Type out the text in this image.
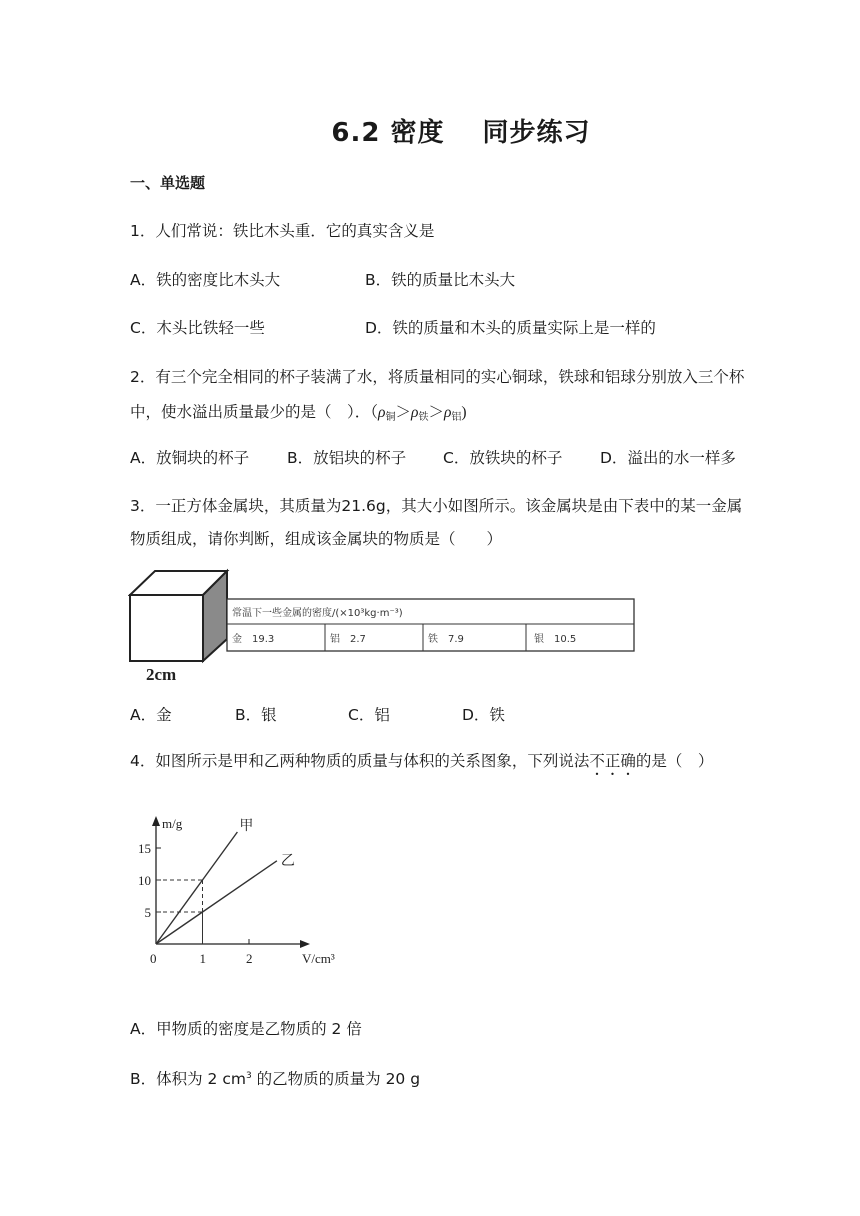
6.2 密度 同步练习
一、单选题
1．人们常说：铁比木头重．它的真实含义是
A．铁的密度比木头大	B．铁的质量比木头大
C．木头比铁轻一些	D．铁的质量和木头的质量实际上是一样的
2．有三个完全相同的杯子装满了水，将质量相同的实心铜球，铁球和铝球分别放入三个杯
中，使水溢出质量最少的是（　）．$(\rho_铜>\rho_铁>\rho_铝)$
A．放铜块的杯子 B．放铝块的杯子 C．放铁块的杯子 D．溢出的水一样多
3．一正方体金属块，其质量为21.6g，其大小如图所示。该金属块是由下表中的某一金属
物质组成，请你判断，组成该金属块的物质是（　　）
2cm
常温下一些金属的密度/(×10³kg·m⁻³)
金　19.3	铝　2.7	铁　7.9	银　10.5
A．金	B．银	C．铝	D．铁
4．如图所示是甲和乙两种物质的质量与体积的关系图象，下列说法不正确的是（　）
m/g
V/cm³
0	1	2
5
10
15
甲
乙
A．甲物质的密度是乙物质的 2 倍
B．体积为 2 $cm^3$ 的乙物质的质量为 20 g
